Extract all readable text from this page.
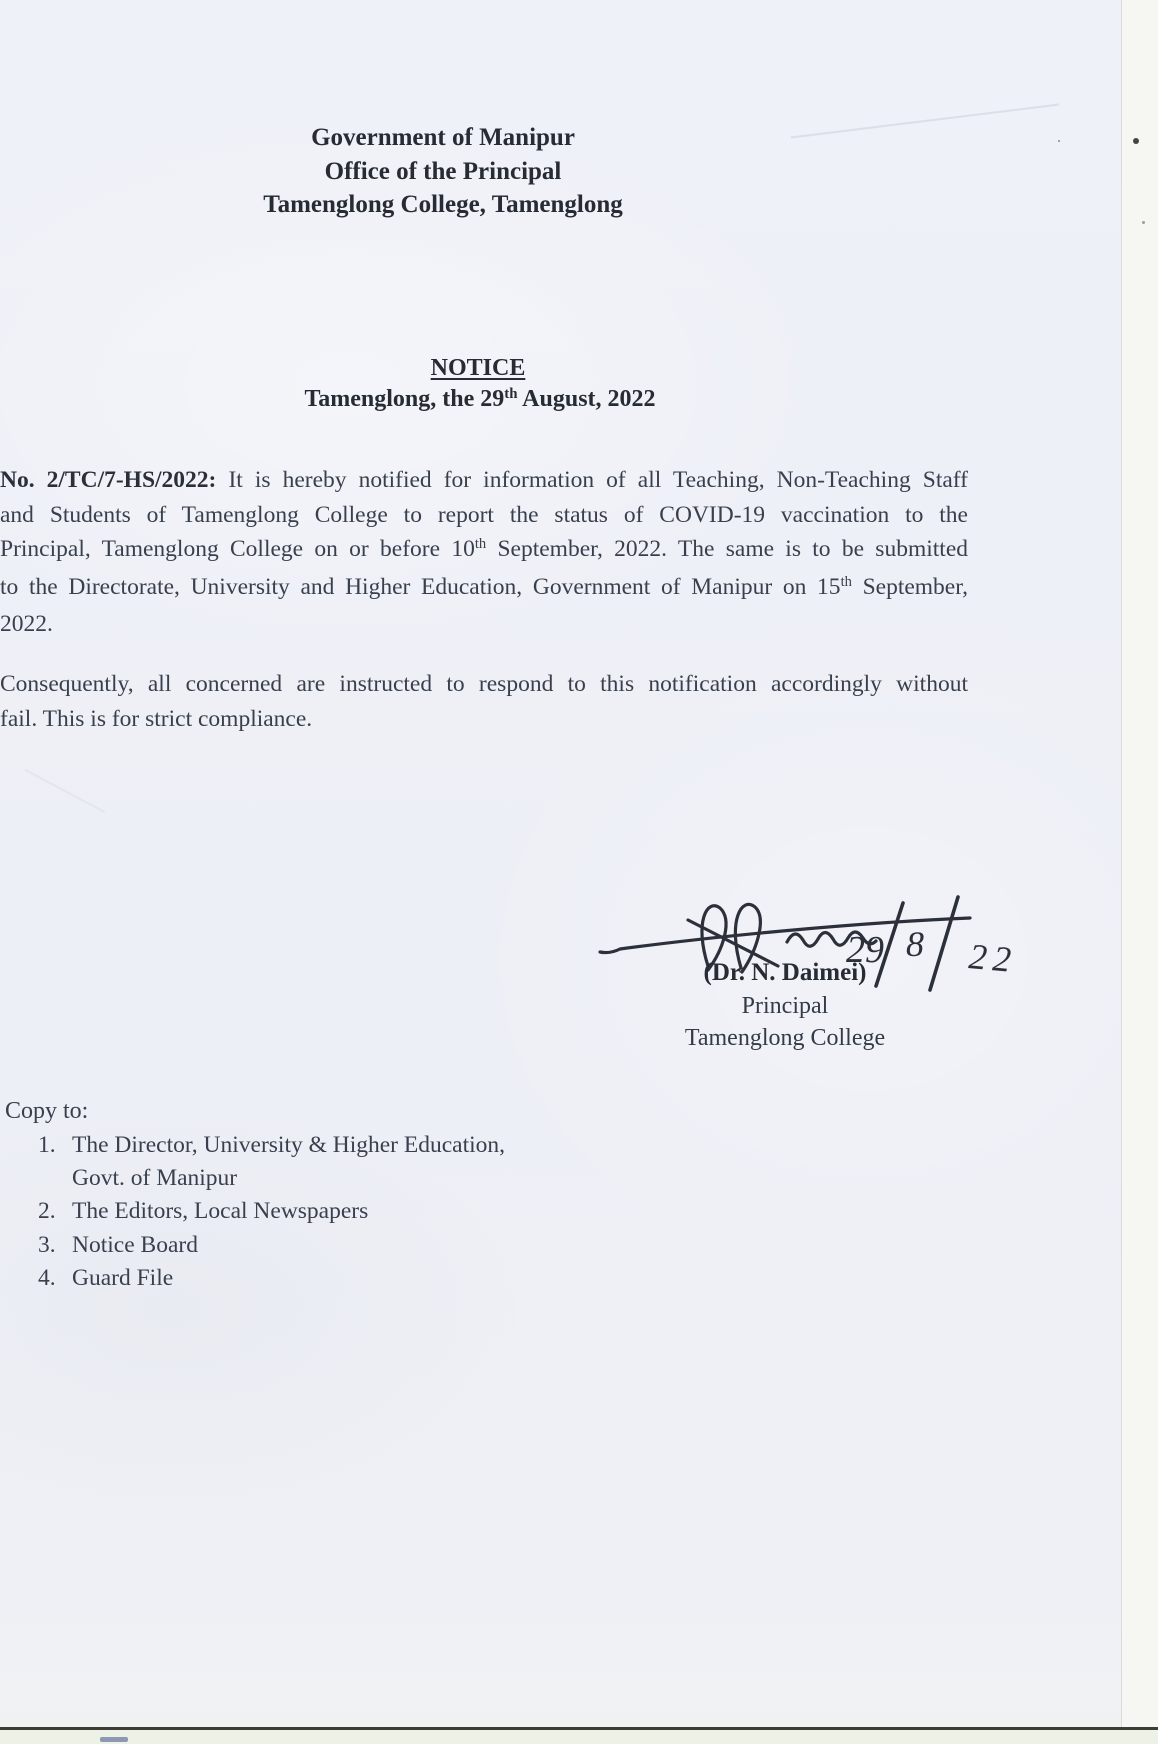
Government of Manipur
Office of the Principal
Tamenglong College, Tamenglong
NOTICE
Tamenglong, the 29th August, 2022
No. 2/TC/7-HS/2022: It is hereby notified for information of all Teaching, Non-Teaching Staff
and Students of Tamenglong College to report the status of COVID-19 vaccination to the
Principal, Tamenglong College on or before 10th September, 2022. The same is to be submitted
to the Directorate, University and Higher Education, Government of Manipur on 15th September,
2022.
Consequently, all concerned are instructed to respond to this notification accordingly without
fail. This is for strict compliance.
29 8 22
(Dr. N. Daimei)
Principal
Tamenglong College
Copy to:
1. The Director, University & Higher Education,
Govt. of Manipur
2. The Editors, Local Newspapers
3. Notice Board
4. Guard File
